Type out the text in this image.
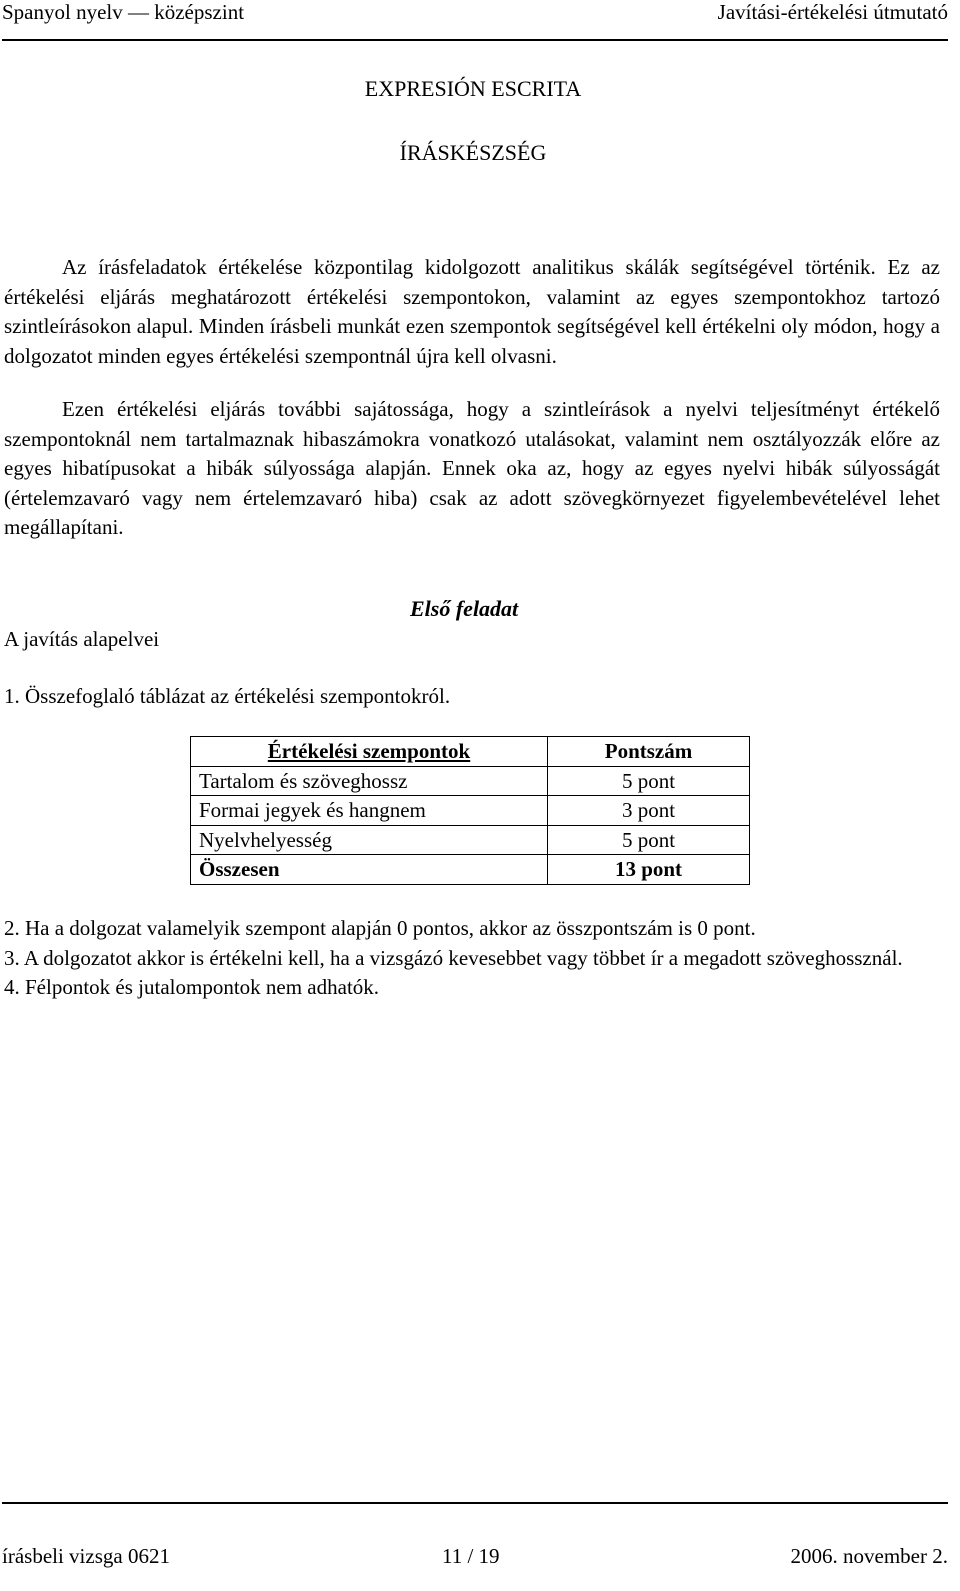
Spanyol nyelv — középszint	Javítási-értékelési útmutató
EXPRESIÓN ESCRITA
ÍRÁSKÉSZSÉG

Az írásfeladatok értékelése központilag kidolgozott analitikus skálák segítségével történik. Ez az értékelési eljárás meghatározott értékelési szempontokon, valamint az egyes szempontokhoz tartozó szintleírásokon alapul. Minden írásbeli munkát ezen szempontok segítségével kell értékelni oly módon, hogy a dolgozatot minden egyes értékelési szempontnál újra kell olvasni.

Ezen értékelési eljárás további sajátossága, hogy a szintleírások a nyelvi teljesítményt értékelő szempontoknál nem tartalmaznak hibaszámokra vonatkozó utalásokat, valamint nem osztályozzák előre az egyes hibatípusokat a hibák súlyossága alapján. Ennek oka az, hogy az egyes nyelvi hibák súlyosságát (értelemzavaró vagy nem értelemzavaró hiba) csak az adott szövegkörnyezet figyelembevételével lehet megállapítani.

Első feladat
A javítás alapelvei
1. Összefoglaló táblázat az értékelési szempontokról.
Értékelési szempontok	Pontszám
Tartalom és szöveghossz	5 pont
Formai jegyek és hangnem	3 pont
Nyelvhelyesség	5 pont
Összesen	13 pont
2. Ha a dolgozat valamelyik szempont alapján 0 pontos, akkor az összpontszám is 0 pont.
3. A dolgozatot akkor is értékelni kell, ha a vizsgázó kevesebbet vagy többet ír a megadott szöveghossznál.
4. Félpontok és jutalompontok nem adhatók.
írásbeli vizsga 0621	11 / 19	2006. november 2.
